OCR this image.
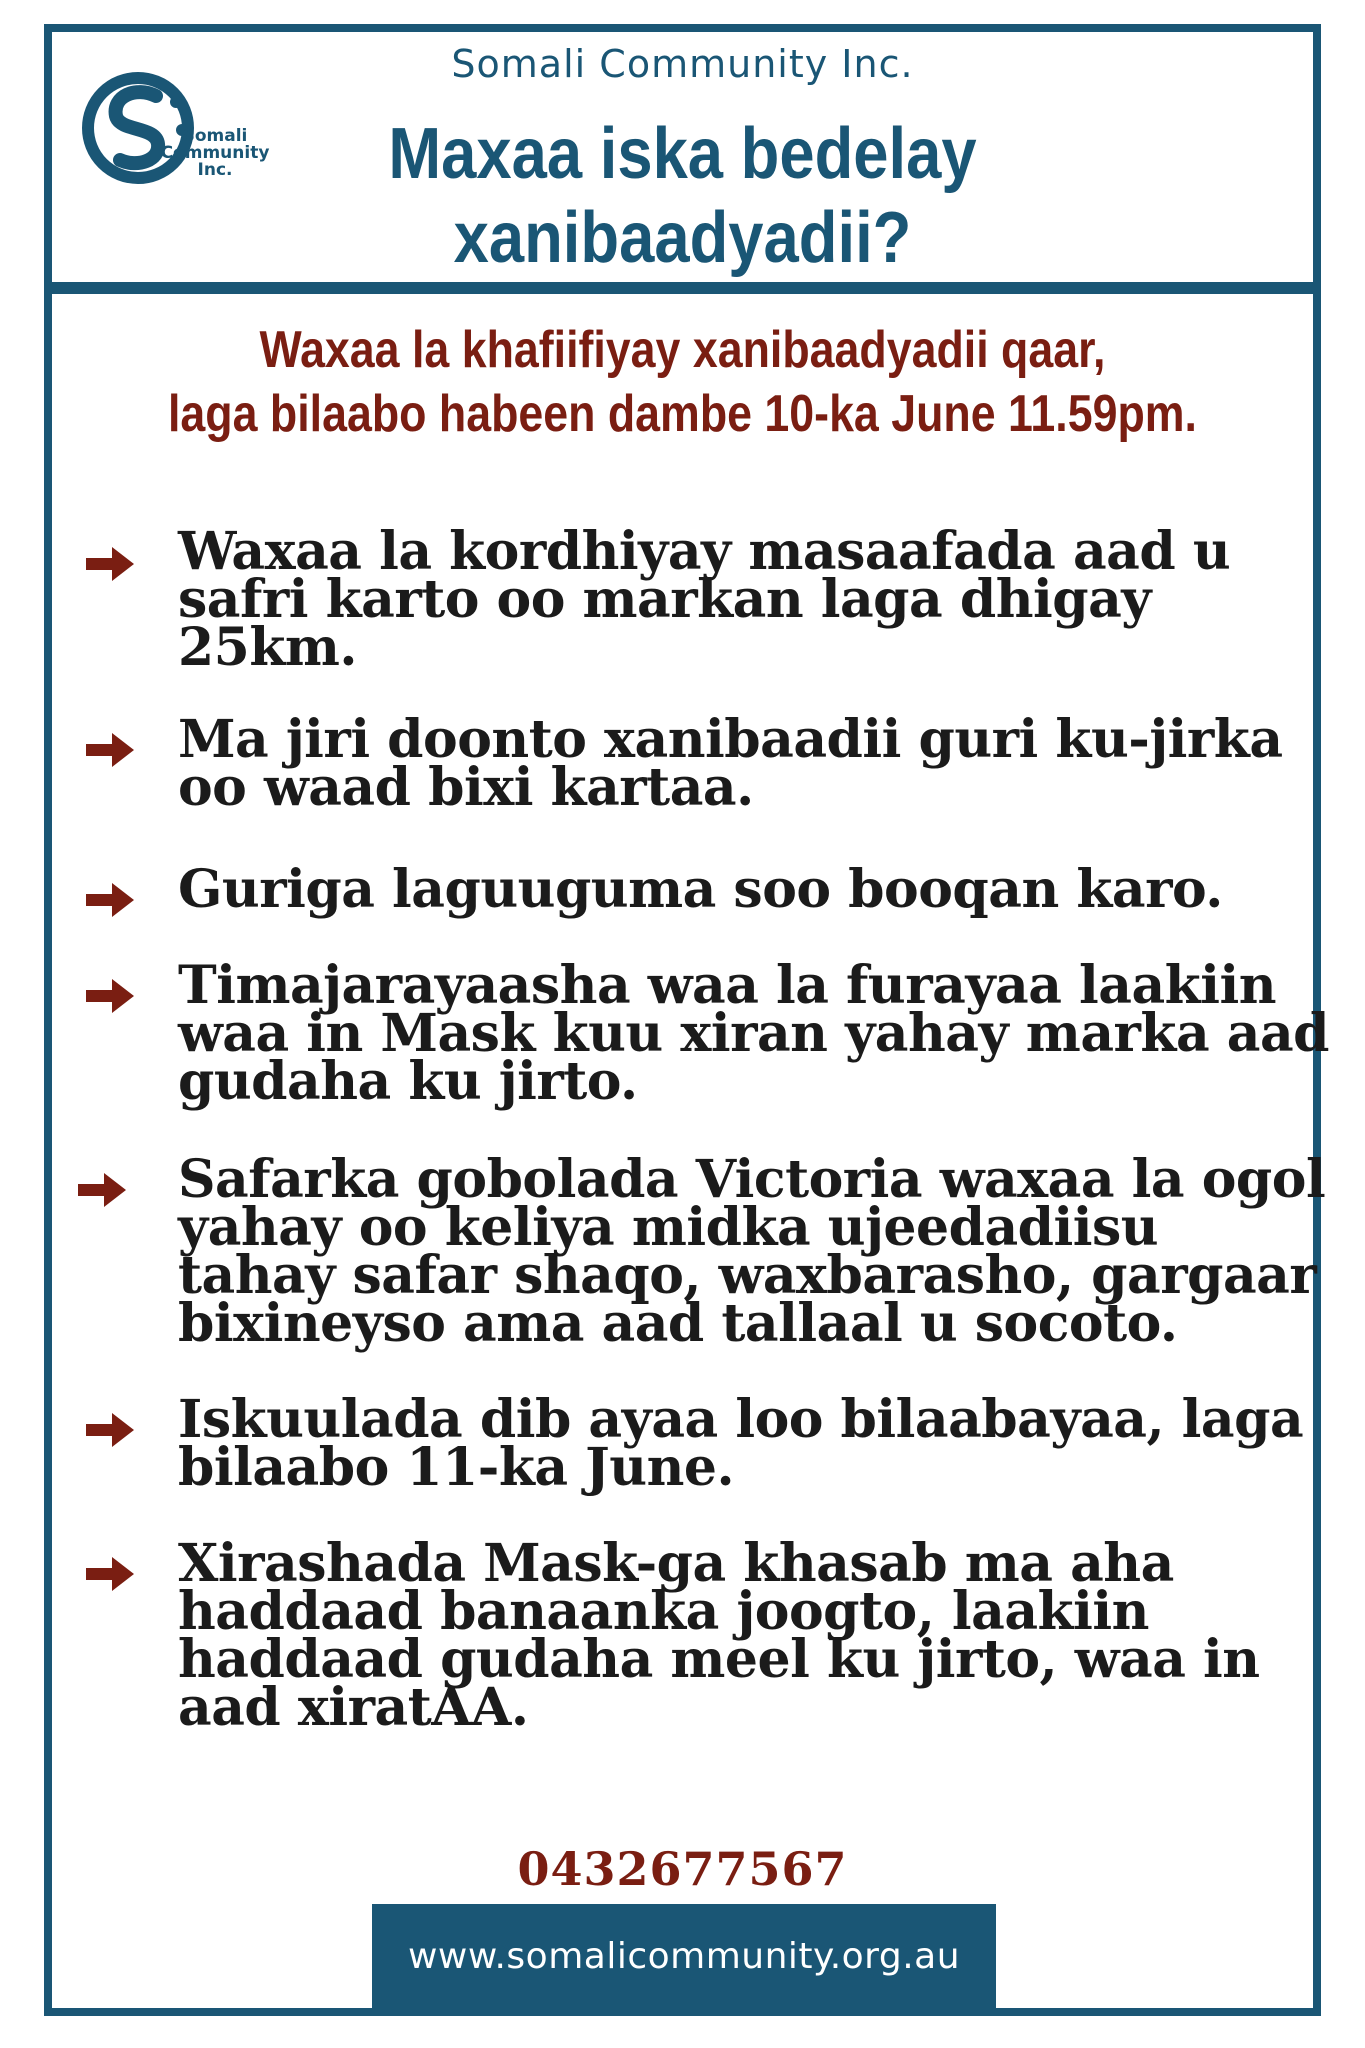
Somali Community Inc.
Somali
Community
Inc.	Maxaa iska bedelay
xanibaadyadii?
Waxaa la khafiifiyay xanibaadyadii qaar,
laga bilaabo habeen dambe 10-ka June 11.59pm.
Waxaa la kordhiyay masaafada aad u
safri karto oo markan laga dhigay
25km.
Ma jiri doonto xanibaadii guri ku-jirka
oo waad bixi kartaa.
Guriga laguuguma soo booqan karo.
Timajarayaasha waa la furayaa laakiin
waa in Mask kuu xiran yahay marka aad
gudaha ku jirto.
Safarka gobolada Victoria waxaa la ogol
yahay oo keliya midka ujeedadiisu
tahay safar shaqo, waxbarasho, gargaar
bixineyso ama aad tallaal u socoto.
Iskuulada dib ayaa loo bilaabayaa, laga
bilaabo 11-ka June.
Xirashada Mask-ga khasab ma aha
haddaad banaanka joogto, laakiin
haddaad gudaha meel ku jirto, waa in
aad xiratAA.
0432677567
www.somalicommunity.org.au
